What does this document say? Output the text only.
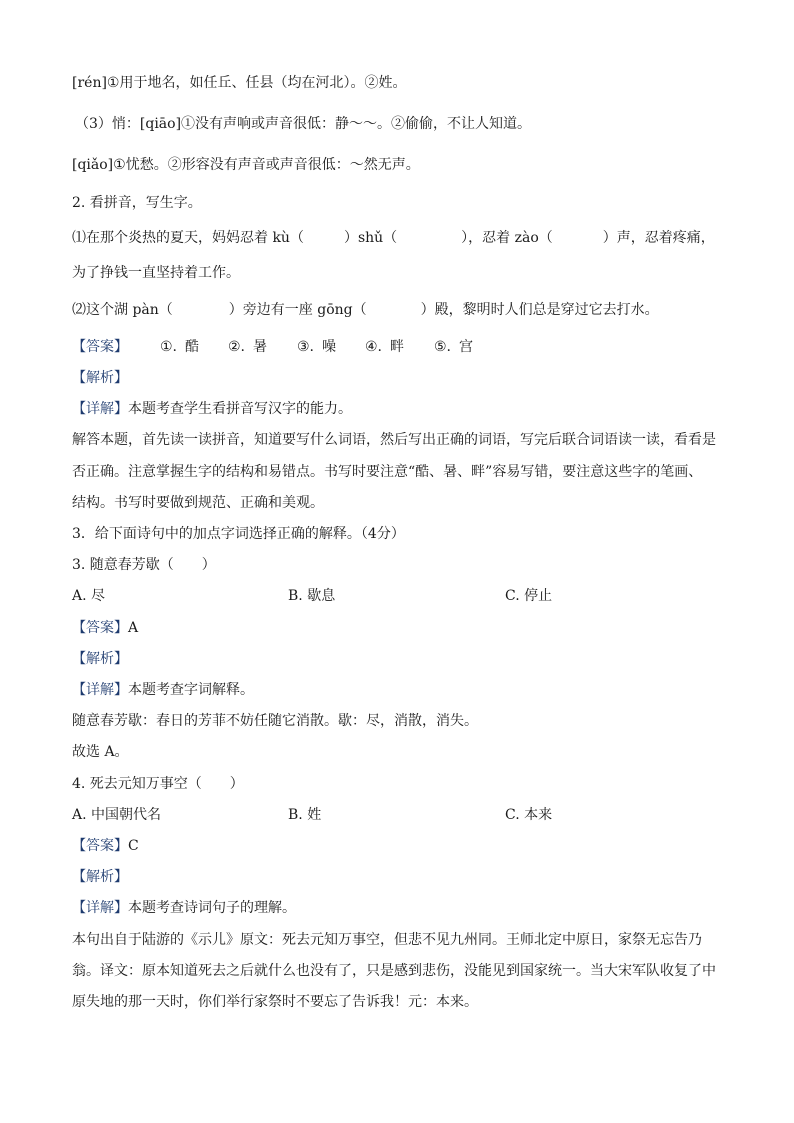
[rén]①用于地名，如任丘、任县（均在河北）。②姓。
（3）悄：[qiāo]①没有声响或声音很低：静～～。②偷偷，不让人知道。
[qiǎo]①忧愁。②形容没有声音或声音很低：～然无声。
2. 看拼音，写生字。
⑴在那个炎热的夏天，妈妈忍着 kù（	）shǔ（	），忍着 zào（	）声，忍着疼痛，
为了挣钱一直坚持着工作。
⑵这个湖 pàn（	）旁边有一座 gōng（	）殿，黎明时人们总是穿过它去打水。
【答案】 ①. 酷 ②. 暑 ③. 噪 ④. 畔 ⑤. 宫
【解析】
【详解】本题考查学生看拼音写汉字的能力。
解答本题，首先读一读拼音，知道要写什么词语，然后写出正确的词语，写完后联合词语读一读，看看是
否正确。注意掌握生字的结构和易错点。书写时要注意“酷、暑、畔”容易写错，要注意这些字的笔画、
结构。书写时要做到规范、正确和美观。
3．给下面诗句中的加点字词选择正确的解释。（4分）
3. 随意春芳歇（　　）
A. 尽	B. 歇息	C. 停止
【答案】A
【解析】
【详解】本题考查字词解释。
随意春芳歇：春日的芳菲不妨任随它消散。歇：尽，消散，消失。
故选 A。
4. 死去元知万事空（　　）
A. 中国朝代名	B. 姓	C. 本来
【答案】C
【解析】
【详解】本题考查诗词句子的理解。
本句出自于陆游的《示儿》原文：死去元知万事空，但悲不见九州同。王师北定中原日，家祭无忘告乃
翁。译文：原本知道死去之后就什么也没有了，只是感到悲伤，没能见到国家统一。当大宋军队收复了中
原失地的那一天时，你们举行家祭时不要忘了告诉我！元：本来。
